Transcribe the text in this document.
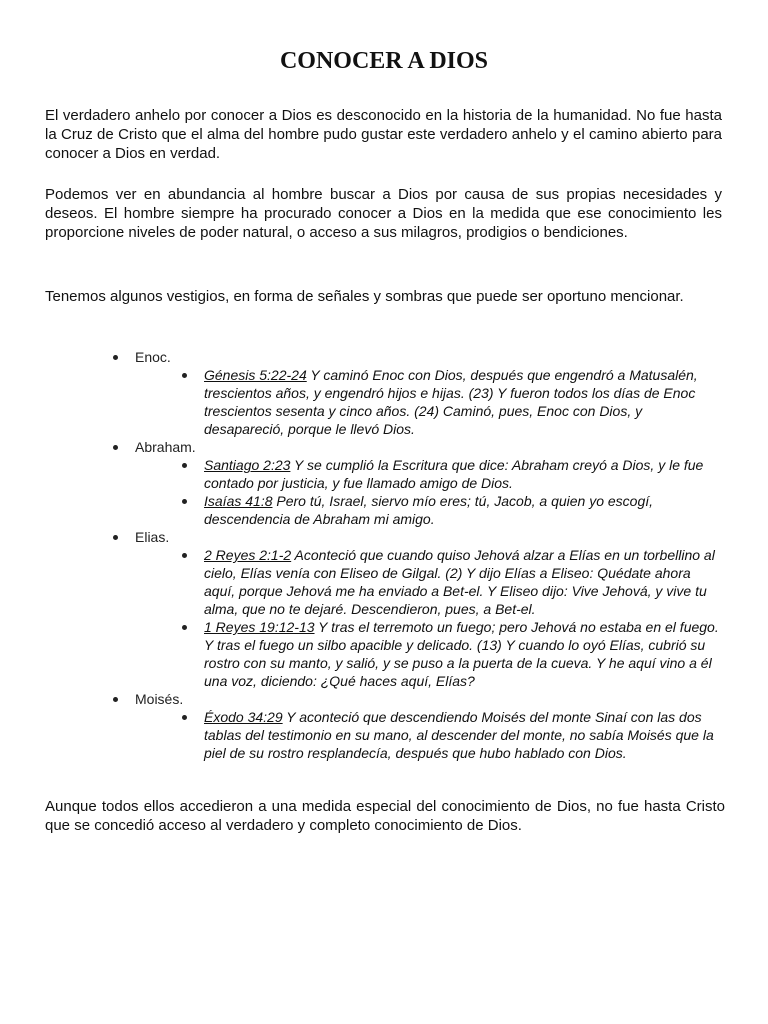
CONOCER A DIOS

El verdadero anhelo por conocer a Dios es desconocido en la historia de la humanidad. No fue hasta la Cruz de Cristo que el alma del hombre pudo gustar este verdadero anhelo y el camino abierto para conocer a Dios en verdad.

Podemos ver en abundancia al hombre buscar a Dios por causa de sus propias necesidades y deseos. El hombre siempre ha procurado conocer a Dios en la medida que ese conocimiento les proporcione niveles de poder natural, o acceso a sus milagros, prodigios o bendiciones.

Tenemos algunos vestigios, en forma de señales y sombras que puede ser oportuno mencionar.

Enoc.
Génesis 5:22-24 Y caminó Enoc con Dios, después que engendró a Matusalén, trescientos años, y engendró hijos e hijas. (23) Y fueron todos los días de Enoc trescientos sesenta y cinco años. (24) Caminó, pues, Enoc con Dios, y desapareció, porque le llevó Dios.
Abraham.
Santiago 2:23 Y se cumplió la Escritura que dice: Abraham creyó a Dios, y le fue contado por justicia, y fue llamado amigo de Dios.
Isaías 41:8 Pero tú, Israel, siervo mío eres; tú, Jacob, a quien yo escogí, descendencia de Abraham mi amigo.
Elias.
2 Reyes 2:1-2 Aconteció que cuando quiso Jehová alzar a Elías en un torbellino al cielo, Elías venía con Eliseo de Gilgal. (2) Y dijo Elías a Eliseo: Quédate ahora aquí, porque Jehová me ha enviado a Bet-el. Y Eliseo dijo: Vive Jehová, y vive tu alma, que no te dejaré. Descendieron, pues, a Bet-el.
1 Reyes 19:12-13 Y tras el terremoto un fuego; pero Jehová no estaba en el fuego. Y tras el fuego un silbo apacible y delicado. (13) Y cuando lo oyó Elías, cubrió su rostro con su manto, y salió, y se puso a la puerta de la cueva. Y he aquí vino a él una voz, diciendo: ¿Qué haces aquí, Elías?
Moisés.
Éxodo 34:29 Y aconteció que descendiendo Moisés del monte Sinaí con las dos tablas del testimonio en su mano, al descender del monte, no sabía Moisés que la piel de su rostro resplandecía, después que hubo hablado con Dios.

Aunque todos ellos accedieron a una medida especial del conocimiento de Dios, no fue hasta Cristo que se concedió acceso al verdadero y completo conocimiento de Dios.
